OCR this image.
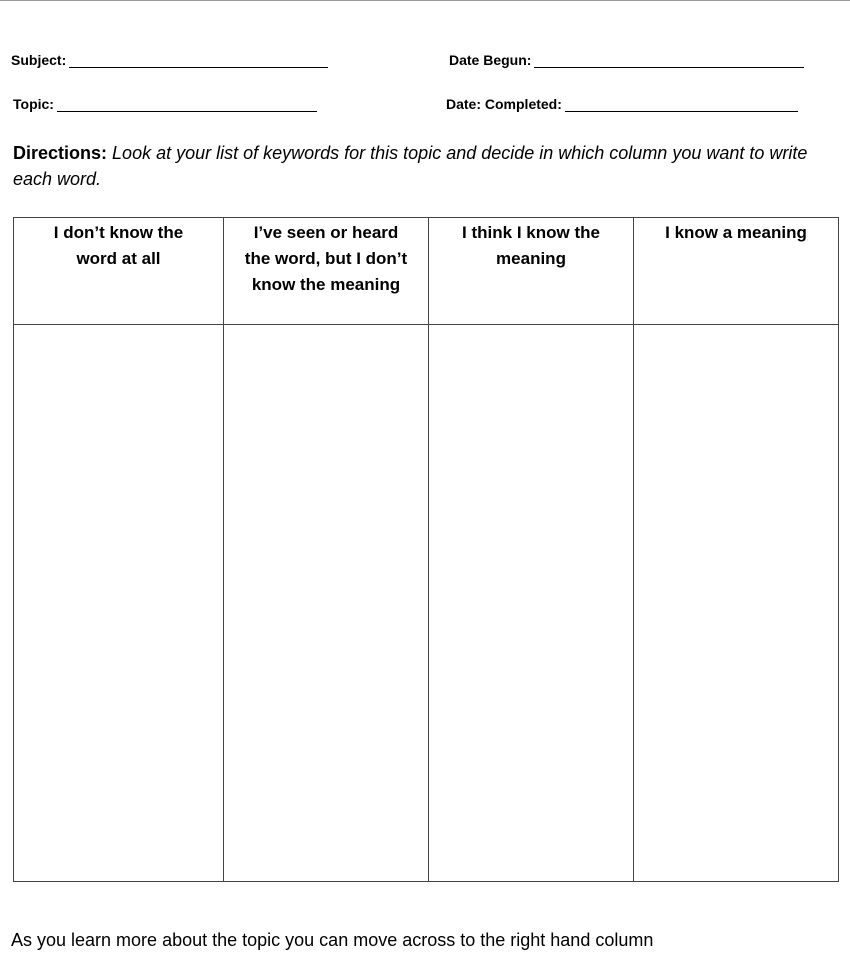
Subject:	Date Begun:
Topic:	Date: Completed:
Directions: Look at your list of keywords for this topic and decide in which column you want to write each word.
I don’t know the word at all	I’ve seen or heard the word, but I don’t know the meaning	I think I know the meaning	I know a meaning

As you learn more about the topic you can move across to the right hand column
